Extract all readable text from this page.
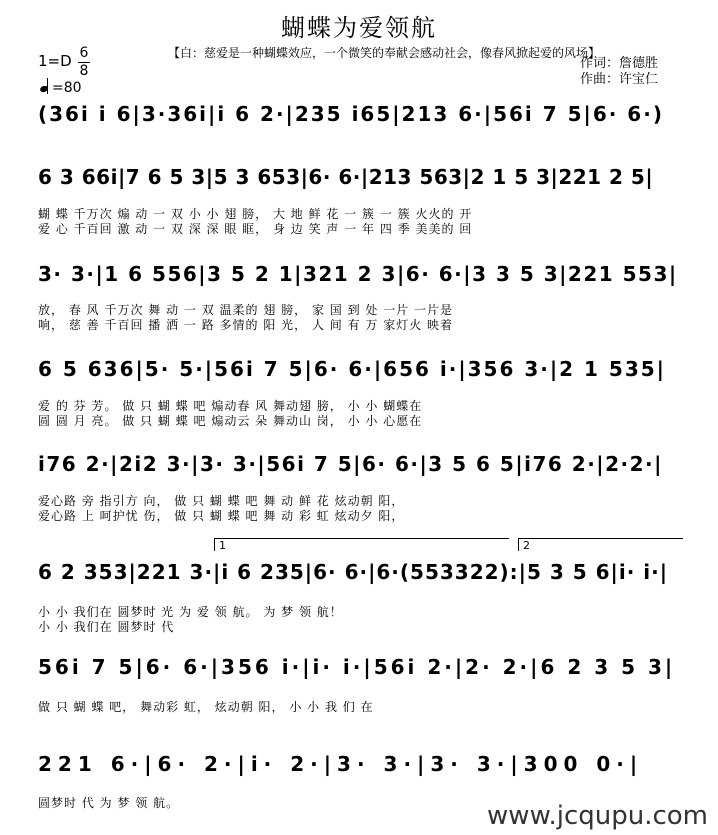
蝴蝶为爱领航
1=D 6
8
=80
【白：慈爱是一种蝴蝶效应，一个微笑的奉献会感动社会，像春风掀起爱的风场】
作词：詹德胜
作曲：许宝仁
(36i i 6|3·36i|i 6 2·|235 i65|213 6·|56i 7 5|6· 6·)
6 3 66i|7 6 5 3|5 3 653|6· 6·|213 563|2 1 5 3|221 2 5|
蝴 蝶 千万次 煽 动 一 双 小 小 翅 膀， 大 地 鲜 花 一 簇 一 簇 火火的 开
爱 心 千百回 激 动 一 双 深 深 眼 眶， 身 边 笑 声 一 年 四 季 美美的 回
3· 3·|1 6 556|3 5 2 1|321 2 3|6· 6·|3 3 5 3|221 553|
放， 春 风 千万次 舞 动 一 双 温柔的 翅 膀， 家 国 到 处 一片 一片是
响， 慈 善 千百回 播 洒 一 路 多情的 阳 光， 人 间 有 万 家灯火 映着
6 5 636|5· 5·|56i 7 5|6· 6·|656 i·|356 3·|2 1 535|
爱 的 芬 芳。 做 只 蝴 蝶 吧 煽动春 风 舞动翅 膀， 小 小 蝴蝶在
圆 圆 月 亮。 做 只 蝴 蝶 吧 煽动云 朵 舞动山 岗， 小 小 心愿在
i76 2·|2i2 3·|3· 3·|56i 7 5|6· 6·|3 5 6 5|i76 2·|2·2·|
爱心路 旁 指引方 向， 做 只 蝴 蝶 吧 舞 动 鲜 花 炫动朝 阳，
爱心路 上 呵护忧 伤， 做 只 蝴 蝶 吧 舞 动 彩 虹 炫动夕 阳，
1	2
6 2 353|221 3·|i 6 235|6· 6·|6·(553322):|5 3 5 6|i· i·|
小 小 我们在 圆梦时 光 为 爱 领 航。 为 梦 领 航！
小 小 我们在 圆梦时 代
56i 7 5|6· 6·|356 i·|i· i·|56i 2·|2· 2·|6 2 3 5 3|
做 只 蝴 蝶 吧， 舞动彩 虹， 炫动朝 阳， 小 小 我 们 在
221 6·|6· 2·|i· 2·|3· 3·|3· 3·|300 0·|
圆梦时 代 为 梦 领 航。	www.jcqupu.com
